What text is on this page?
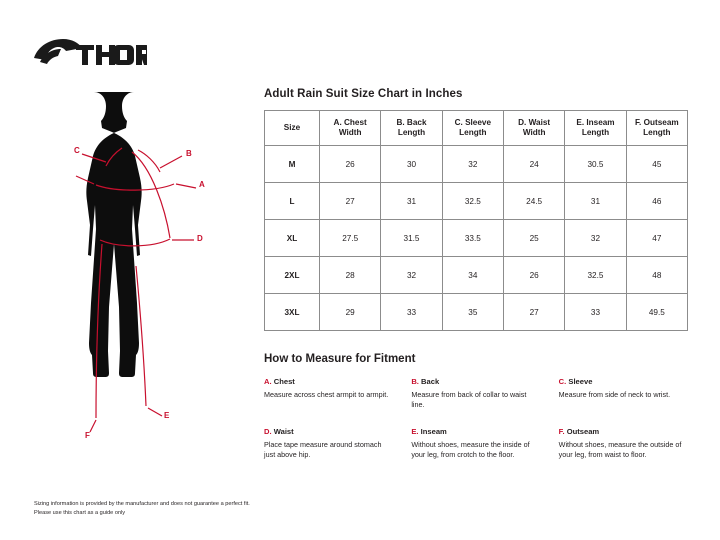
B
C
A
D
E
F
Adult Rain Suit Size Chart in Inches
Size	A. Chest Width	B. Back Length	C. Sleeve Length	D. Waist Width	E. Inseam Length	F. Outseam Length
M	26	30	32	24	30.5	45
L	27	31	32.5	24.5	31	46
XL	27.5	31.5	33.5	25	32	47
2XL	28	32	34	26	32.5	48
3XL	29	33	35	27	33	49.5
How to Measure for Fitment
A. Chest
Measure across chest armpit to armpit.
B. Back
Measure from back of collar to waist line.
C. Sleeve
Measure from side of neck to wrist.
D. Waist
Place tape measure around stomach just above hip.
E. Inseam
Without shoes, measure the inside of your leg, from crotch to the floor.
F. Outseam
Without shoes, measure the outside of your leg, from waist to floor.
Sizing information is provided by the manufacturer and does not guarantee a perfect fit.
Please use this chart as a guide only
